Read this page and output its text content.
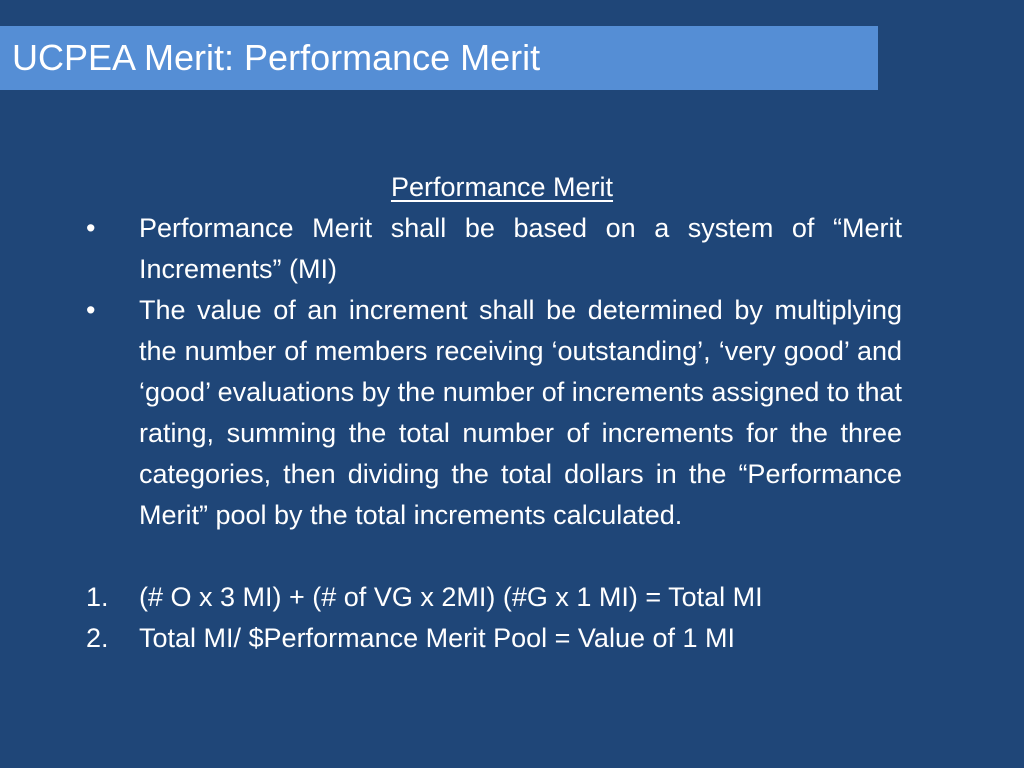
UCPEA Merit: Performance Merit

Performance Merit

• Performance Merit shall be based on a system of “Merit Increments” (MI)
• The value of an increment shall be determined by multiplying the number of members receiving ‘outstanding’, ‘very good’ and ‘good’ evaluations by the number of increments assigned to that rating, summing the total number of increments for the three categories, then dividing the total dollars in the “Performance Merit” pool by the total increments calculated.
1. (# O x 3 MI) + (# of VG x 2MI) (#G x 1 MI) = Total MI
2. Total MI/ $Performance Merit Pool = Value of 1 MI
